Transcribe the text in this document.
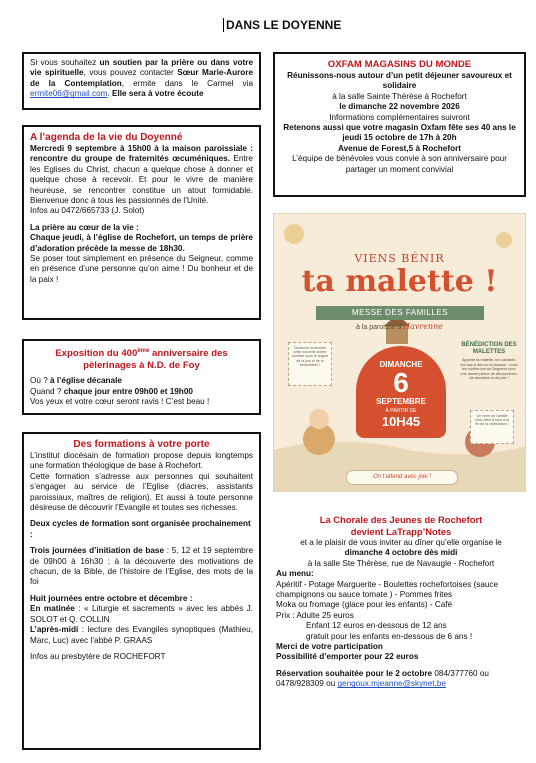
DANS LE DOYENNE

Si vous souhaitez un soutien par la prière ou dans votre vie spirituelle, vous pouvez contacter Sœur Marie-Aurore de la Contemplation, ermite dans le Carmel via ermite06@gmail.com. Elle sera à votre écoute

A l’agenda de la vie du Doyenné

Mercredi 9 septembre à 15h00 à la maison paroissiale : rencontre du groupe de fraternités œcuméniques. Entre les Eglises du Christ, chacun a quelque chose à donner et quelque chose à recevoir. Et pour le vivre de manière heureuse, se rencontrer constitue un atout formidable. Bienvenue donc à tous les passionnés de l’Unité.

Infos au 0472/665733 (J. Solot)

La prière au cœur de la vie :

Chaque jeudi, à l’église de Rochefort, un temps de prière d’adoration précède la messe de 18h30.

Se poser tout simplement en présence du Seigneur, comme en présence d’une personne qu’on aime ! Du bonheur et de la paix !

Exposition du 400ème anniversaire des pèlerinages à N.D. de Foy

Où ? à l’église décanale

Quand ? chaque jour entre 09h00 et 19h00

Vos yeux et votre cœur seront ravis ! C’est beau !

Des formations à votre porte

L’institut diocésain de formation propose depuis longtemps une formation théologique de base à Rochefort.

Cette formation s’adresse aux personnes qui souhaitent s’engager au service de l’Eglise (diacres, assistants paroissiaux, maîtres de religion). Et aussi à toute personne désireuse de découvrir l’Evangile et toutes ses richesses.

Deux cycles de formation sont organisée prochainement :

Trois journées d’initiation de base : 5, 12 et 19 septembre de 09h00 à 16h30 : à la découverte des motivations de chacun, de la Bible, de l’histoire de l’Eglise, des mots de la foi

Huit journées entre octobre et décembre :

En matinée : « Liturgie et sacrements » avec les abbés J. SOLOT et Q. COLLIN

L’après-midi : lecture des Evangiles synoptiques (Mathieu, Marc, Luc) avec l’abbé P. GRAAS

Infos au presbytère de ROCHEFORT

OXFAM MAGASINS DU MONDE

Réunissons-nous autour d’un petit déjeuner savoureux et solidaire

à la salle Sainte Thérèse à Rochefort

le dimanche 22 novembre 2026

Informations complémentaires suivront

Retenons aussi que votre magasin Oxfam fête ses 40 ans le jeudi 15 octobre de 17h à 20h

Avenue de Forest,5 à Rochefort

L’équipe de bénévoles vous convie à son anniversaire pour partager un moment convivial

VIENS BÉNIR
ta malette !
MESSE DES FAMILLES
à la paroisse d’Havrenne
Découvre ensemble cette nouvelle année scolaire sous le regard de la joie et de la bénédiction !	DIMANCHE
6
SEPTEMBRE
À PARTIR DE
10H45
BÉNÉDICTION DES MALETTES
Apporte ta malette, ton cartable, ton sac à dos ou ta trousse : nous les confierons au Seigneur pour une année pleine de découvertes, de réussites et de joie !
Un verre de l’amitié sera offert à tous à la fin de la célébration !
On t’attend avec joie !

La Chorale des Jeunes de Rochefort

devient LaTrapp’Notes

et a le plaisir de vous inviter au dîner qu’elle organise le

dimanche 4 octobre dès midi

à la salle Ste Thérèse, rue de Navaugle - Rochefort

Au menu:

Apéritif - Potage Marguerite - Boulettes rochefortoises (sauce champignons ou sauce tomate ) - Pommes frites

Moka ou fromage (glace pour les enfants) - Café

Prix : Adulte 25 euros

Enfant 12 euros en-dessous de 12 ans

gratuit pour les enfants en-dessous de 6 ans !

Merci de votre participation

Possibilité d’emporter pour 22 euros

Réservation souhaitée pour le 2 octobre 084/377760 ou 0478/928309 ou gengoux.mjeanne@skynet.be
